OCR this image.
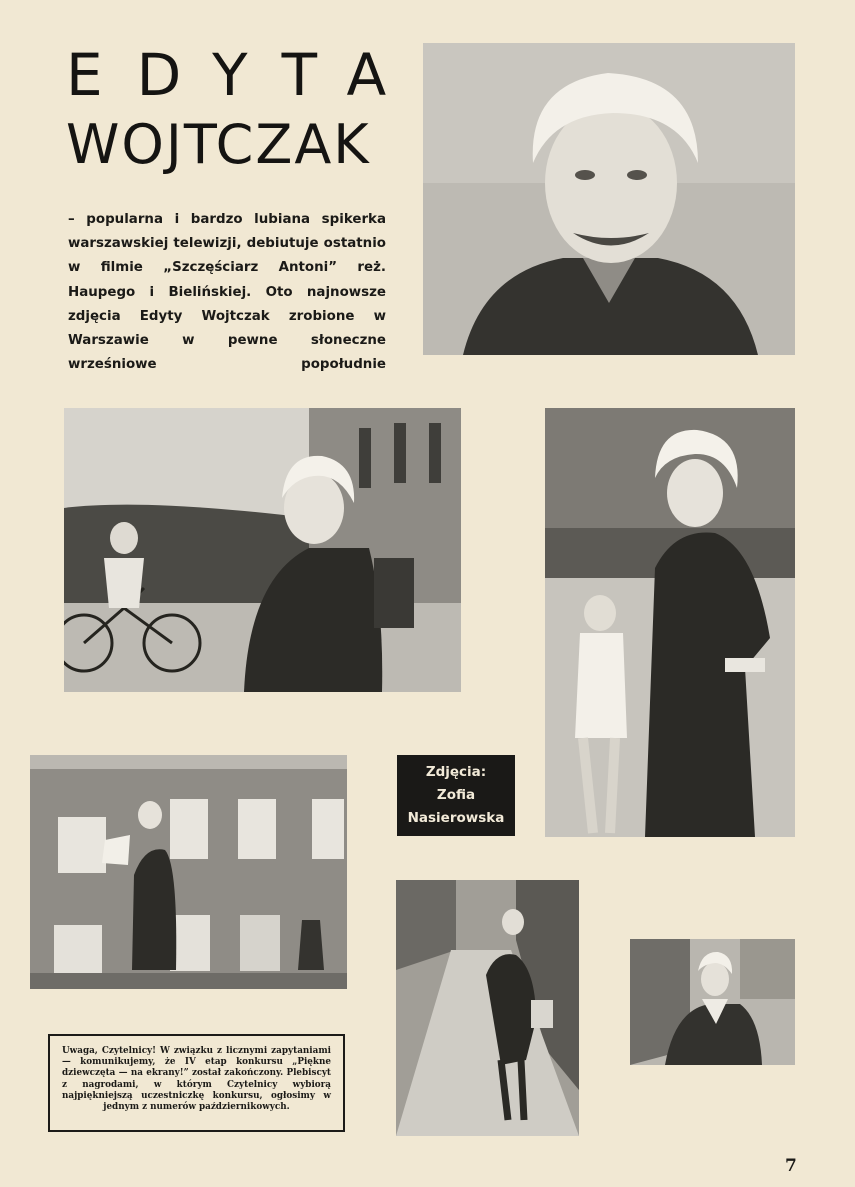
EDYTA
WOJTCZAK
– popularna i bardzo lubiana spikerka warszawskiej telewizji, debiutuje ostatnio w filmie „Szczęściarz Antoni” reż. Haupego i Bielińskiej. Oto najnowsze zdjęcia Edyty Wojtczak zrobione w Warszawie w pewne słoneczne wrześniowe popołudnie
Zdjęcia:
Zofia
Nasierowska
Uwaga, Czytelnicy! W związku z licznymi zapytaniami — komunikujemy, że IV etap konkursu „Piękne dziewczęta — na ekrany!” został zakończony. Plebiscyt z nagrodami, w którym Czytelnicy wybiorą najpiękniejszą uczestniczkę konkursu, ogłosimy w jednym z numerów październikowych.
7
